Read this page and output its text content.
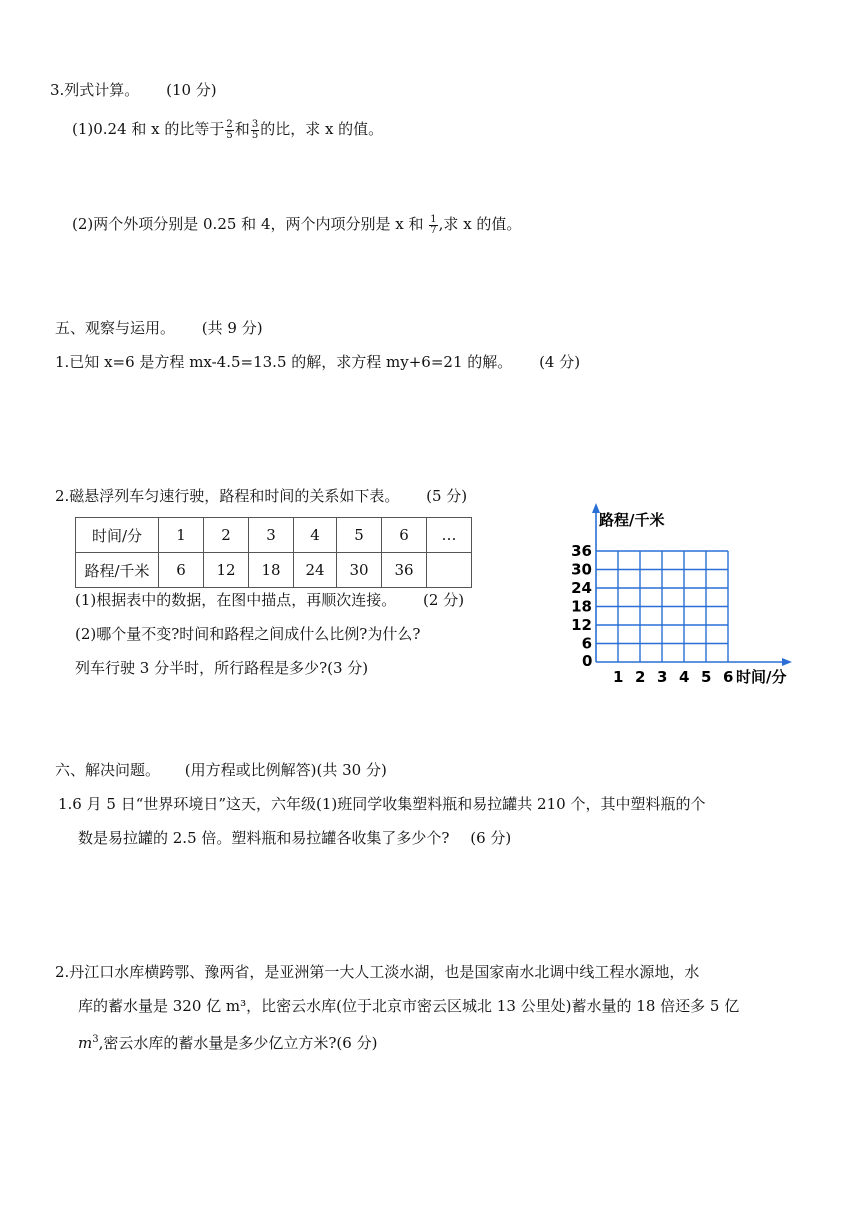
3.列式计算。 (10 分)
(1)0.24 和 x 的比等于 $\frac{2}{5}$ 和 $\frac{3}{5}$ 的比，求 x 的值。
(2)两个外项分别是 0.25 和 4，两个内项分别是 x 和 $\frac{1}{7}$ ,求 x 的值。
五、观察与运用。 (共 9 分)
1.已知 x=6 是方程 mx-4.5=13.5 的解，求方程 my+6=21 的解。 (4 分)
2.磁悬浮列车匀速行驶，路程和时间的关系如下表。 (5 分)
时间/分	1	2	3	4	5	6	…
路程/千米	6	12	18	24	30	36	
(1)根据表中的数据，在图中描点，再顺次连接。 (2 分)
(2)哪个量不变?时间和路程之间成什么比例?为什么?
列车行驶 3 分半时，所行路程是多少?(3 分)	1 2 3 4 5 6
6
12
18
24
30
36
路程/千米
时间/分
0
六、解决问题。 (用方程或比例解答)(共 30 分)
1.6 月 5 日“世界环境日”这天，六年级(1)班同学收集塑料瓶和易拉罐共 210 个，其中塑料瓶的个
数是易拉罐的 2.5 倍。塑料瓶和易拉罐各收集了多少个? (6 分)
2.丹江口水库横跨鄂、豫两省，是亚洲第一大人工淡水湖，也是国家南水北调中线工程水源地，水
库的蓄水量是 320 亿 m³，比密云水库(位于北京市密云区城北 13 公里处)蓄水量的 18 倍还多 5 亿
$m^3$,密云水库的蓄水量是多少亿立方米?(6 分)
